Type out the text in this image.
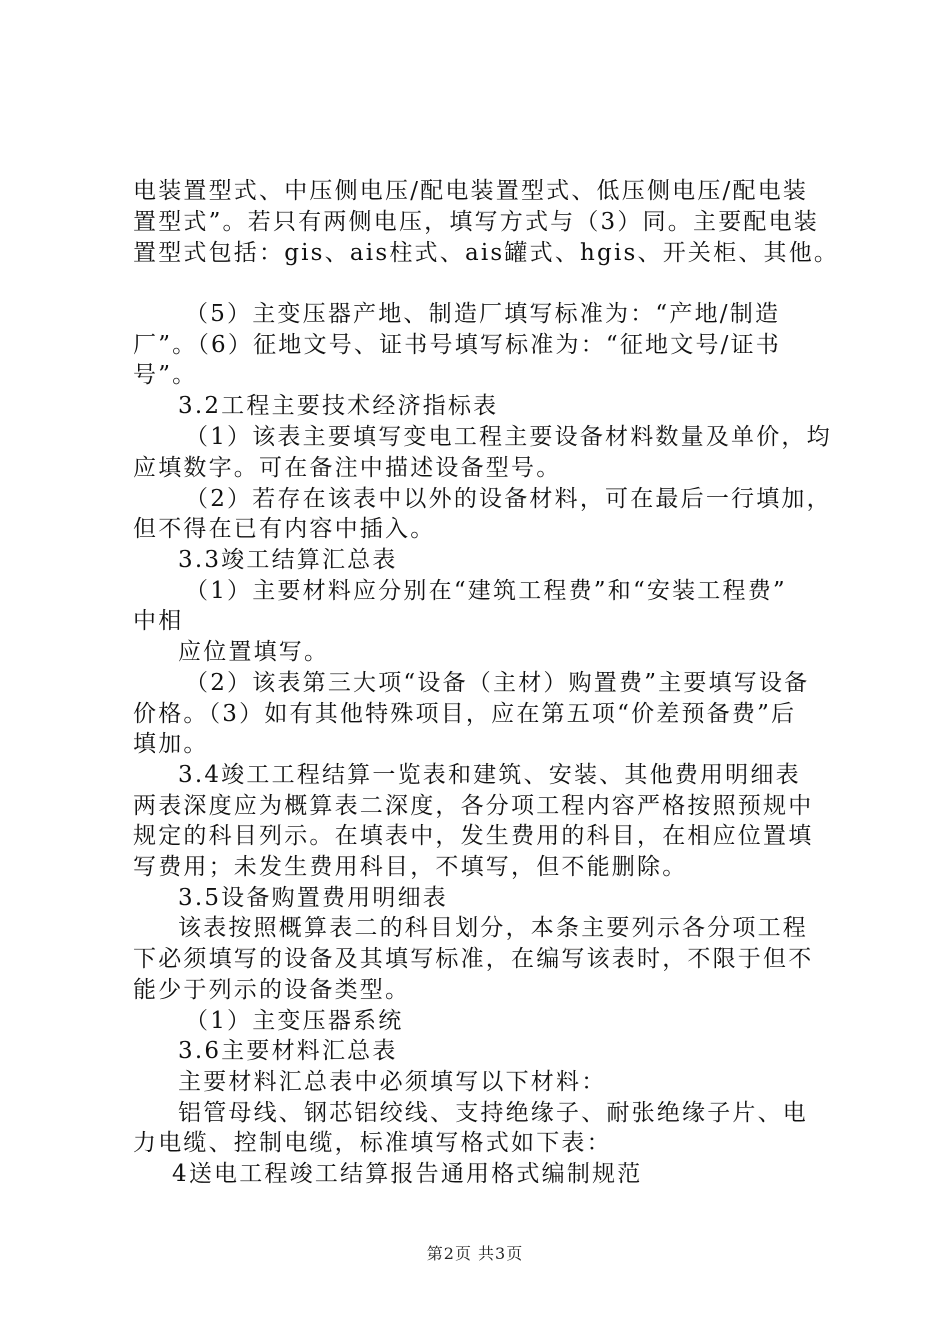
电装置型式、中压侧电压/配电装置型式、低压侧电压/配电装
置型式”。若只有两侧电压，填写方式与（3）同。主要配电装
置型式包括：gis、ais柱式、ais罐式、hgis、开关柜、其他。
（5）主变压器产地、制造厂填写标准为：“产地/制造
厂”。（6）征地文号、证书号填写标准为：“征地文号/证书
号”。
3.2工程主要技术经济指标表
（1）该表主要填写变电工程主要设备材料数量及单价，均
应填数字。可在备注中描述设备型号。
（2）若存在该表中以外的设备材料，可在最后一行填加，
但不得在已有内容中插入。
3.3竣工结算汇总表
（1）主要材料应分别在“建筑工程费”和“安装工程费”
中相
应位置填写。
（2）该表第三大项“设备（主材）购置费”主要填写设备
价格。（3）如有其他特殊项目，应在第五项“价差预备费”后
填加。
3.4竣工工程结算一览表和建筑、安装、其他费用明细表
两表深度应为概算表二深度，各分项工程内容严格按照预规中
规定的科目列示。在填表中，发生费用的科目，在相应位置填
写费用；未发生费用科目，不填写，但不能删除。
3.5设备购置费用明细表
该表按照概算表二的科目划分，本条主要列示各分项工程
下必须填写的设备及其填写标准，在编写该表时，不限于但不
能少于列示的设备类型。
（1）主变压器系统
3.6主要材料汇总表
主要材料汇总表中必须填写以下材料：
铝管母线、钢芯铝绞线、支持绝缘子、耐张绝缘子片、电
力电缆、控制电缆，标准填写格式如下表：
4送电工程竣工结算报告通用格式编制规范
第2页 共3页
